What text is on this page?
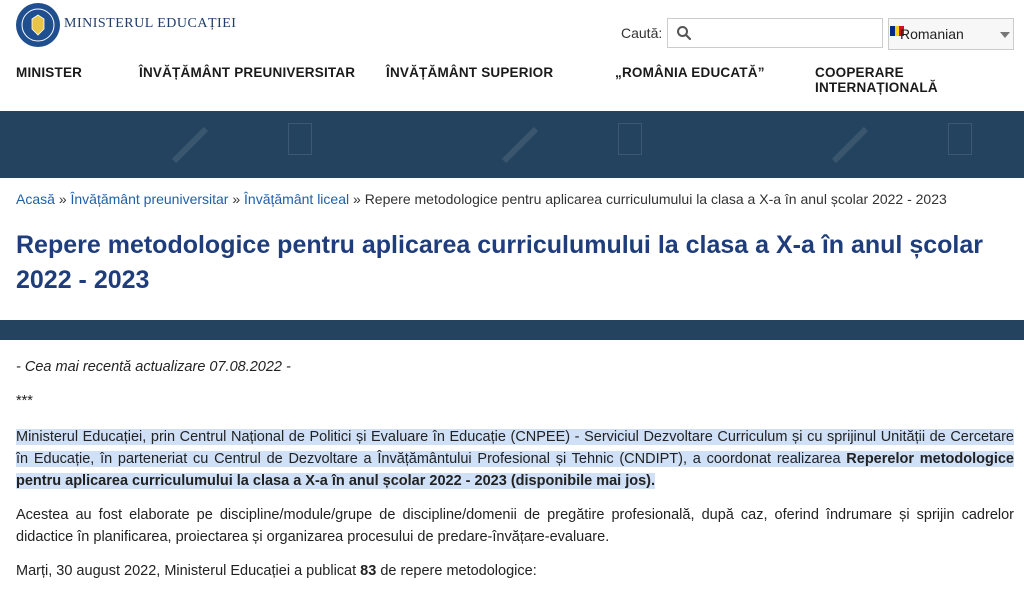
MINISTERUL EDUCAȚIEI
Caută:	Romanian
MINISTER	ÎNVĂȚĂMÂNT PREUNIVERSITAR ÎNVĂȚĂMÂNT SUPERIOR	„ROMÂNIA EDUCATĂ”	COOPERARE INTERNAȚIONALĂ
Acasă » Învățământ preuniversitar » Învățământ liceal » Repere metodologice pentru aplicarea curriculumului la clasa a X-a în anul școlar 2022 - 2023
Repere metodologice pentru aplicarea curriculumului la clasa a X-a în anul școlar 2022 - 2023

- Cea mai recentă actualizare 07.08.2022 -

***

Ministerul Educației, prin Centrul Național de Politici și Evaluare în Educație (CNPEE) - Serviciul Dezvoltare Curriculum și cu sprijinul Unității de Cercetare în Educație, în parteneriat cu Centrul de Dezvoltare a Învățământului Profesional și Tehnic (CNDIPT), a coordonat realizarea Reperelor metodologice pentru aplicarea curriculumului la clasa a X-a în anul școlar 2022 - 2023 (disponibile mai jos).

Acestea au fost elaborate pe discipline/module/grupe de discipline/domenii de pregătire profesională, după caz, oferind îndrumare și sprijin cadrelor didactice în planificarea, proiectarea și organizarea procesului de predare-învățare-evaluare.

Marți, 30 august 2022, Ministerul Educației a publicat 83 de repere metodologice:
